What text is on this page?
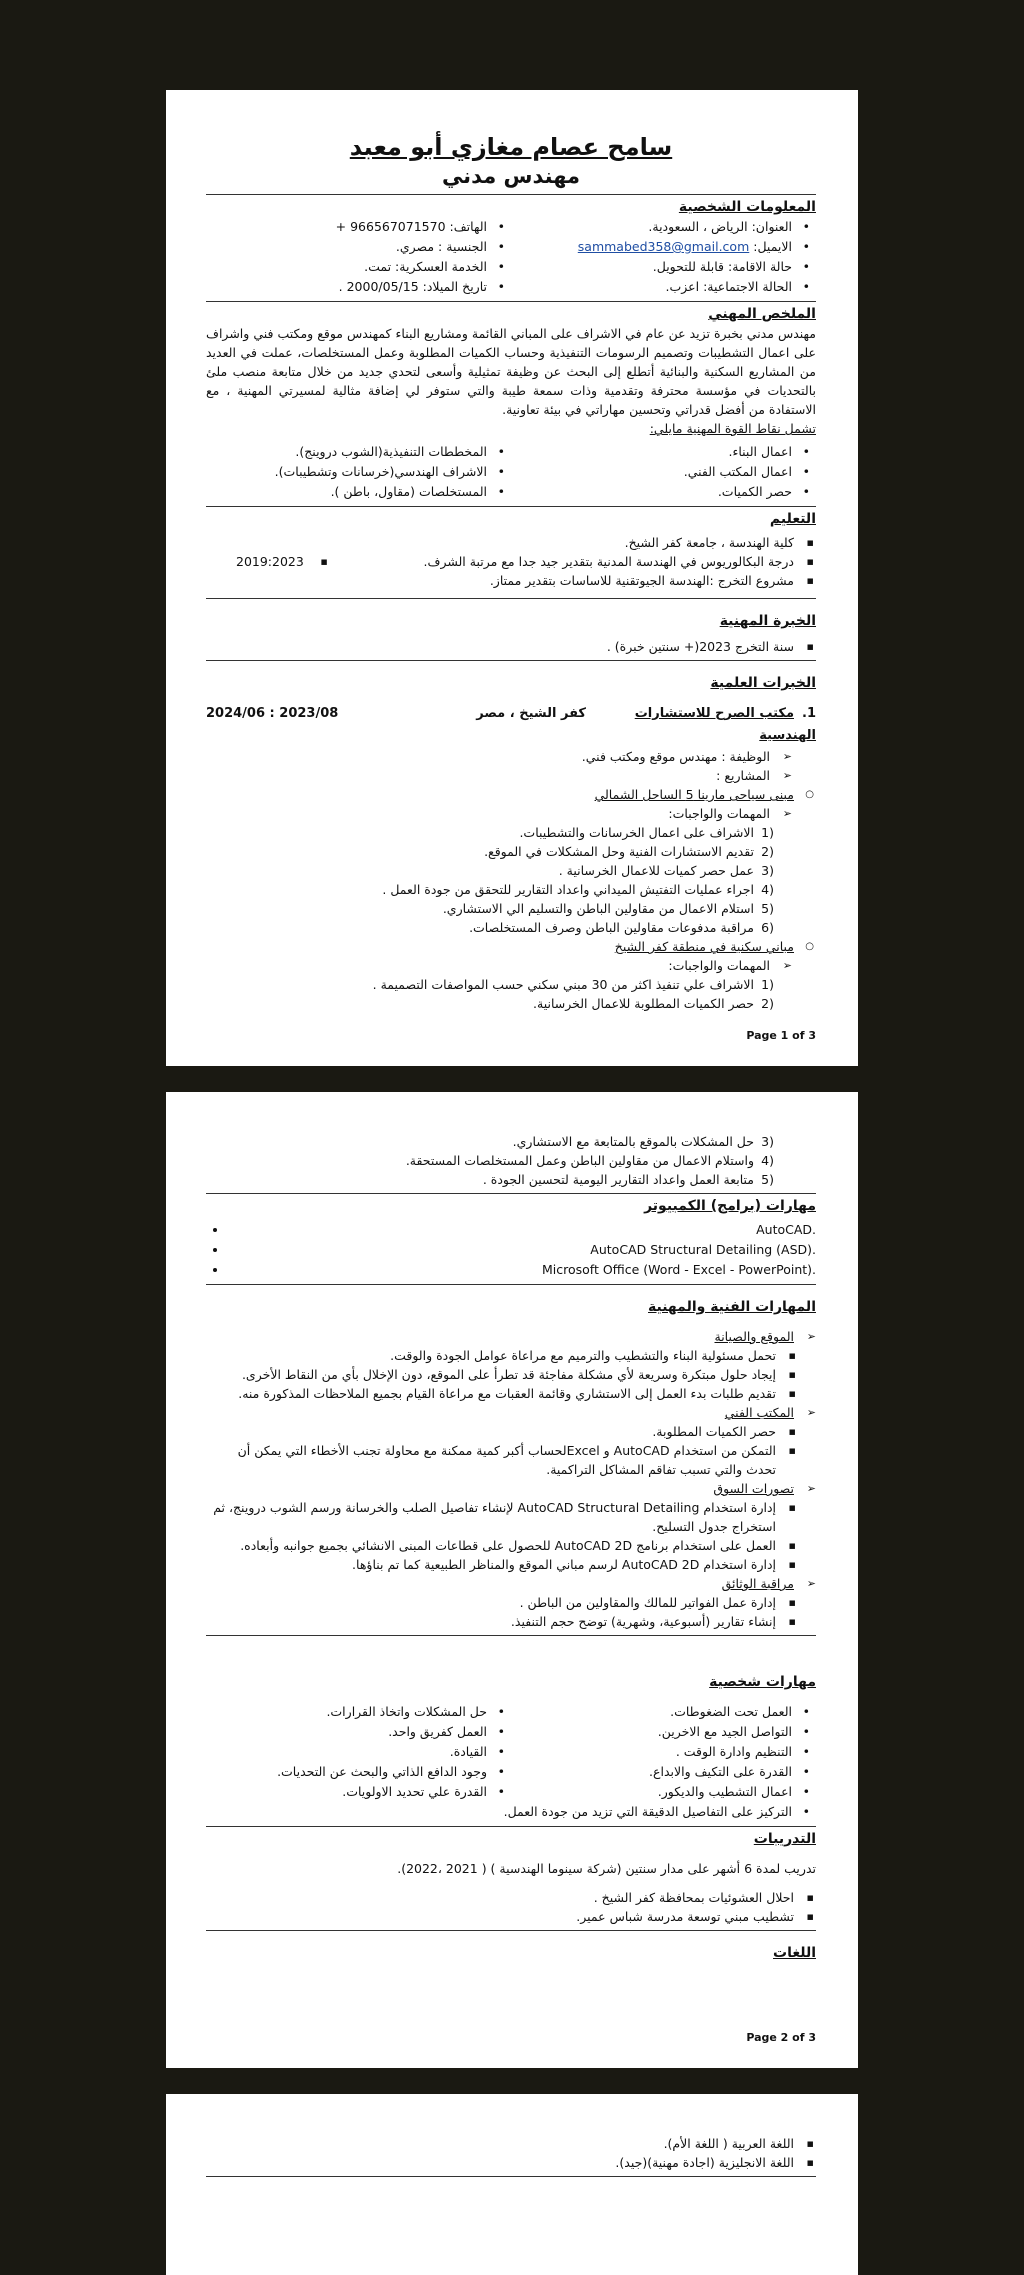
سامح عصام مغازي أبو معبد
مهندس مدني
المعلومات الشخصية
• العنوان: الرياض ، السعودية.
• الهاتف: 966567071570 +
• الايميل: sammabed358@gmail.com
• الجنسية : مصري.
• حالة الاقامة: قابلة للتحويل.
• الخدمة العسكرية: تمت.
• الحالة الاجتماعية: اعزب.
• تاريخ الميلاد: 2000/05/15 .
الملخص المهني
مهندس مدني بخبرة تزيد عن عام في الاشراف على المباني القائمة ومشاريع البناء كمهندس موقع ومكتب فني واشراف على اعمال التشطيبات وتصميم الرسومات التنفيذية وحساب الكميات المطلوبة وعمل المستخلصات، عملت في العديد من المشاريع السكنية والبنائية أتطلع إلى البحث عن وظيفة تمثيلية وأسعى لتحدي جديد من خلال متابعة منصب ملئ بالتحديات في مؤسسة محترفة وتقدمية وذات سمعة طيبة والتي ستوفر لي إضافة مثالية لمسيرتي المهنية ، مع الاستفادة من أفضل قدراتي وتحسين مهاراتي في بيئة تعاونية.
تشمل نقاط القوة المهنية مايلي:
• اعمال البناء.
• المخططات التنفيذية(الشوب دروينج).
• اعمال المكتب الفني.
• الاشراف الهندسي(خرسانات وتشطيبات).
• حصر الكميات.
• المستخلصات (مقاول، باطن ).
التعليم
▪ كلية الهندسة ، جامعة كفر الشيخ.
▪ درجة البكالوريوس في الهندسة المدنية بتقدير جيد جدا مع مرتبة الشرف.
2019:2023 ▪
▪ مشروع التخرج :الهندسة الجيوتقنية للاساسات بتقدير ممتاز.
الخبرة المهنية
▪ سنة التخرج 2023(+ سنتين خبرة) .
الخبرات العلمية
1.مكتب الصرح للاستشارات الهندسية
كفر الشيخ ، مصر
2024/06 : 2023/08
➢ الوظيفة : مهندس موقع ومكتب فني.
➢ المشاريع :
○ مبنى سياحى مارينا 5 الساحل الشمالي
➢ المهمات والواجبات:
(1
الاشراف على اعمال الخرسانات والتشطيبات.
(2
تقديم الاستشارات الفنية وحل المشكلات في الموقع.
(3
عمل حصر كميات للاعمال الخرسانية .
(4
اجراء عمليات التفتيش الميداني واعداد التقارير للتحقق من جودة العمل .
(5
استلام الاعمال من مقاولين الباطن والتسليم الي الاستشاري.
(6
مراقبة مدفوعات مقاولين الباطن وصرف المستخلصات.
○ مباني سكنية في منطقة كفر الشيخ
➢ المهمات والواجبات:
(1
الاشراف علي تنفيذ اكثر من 30 مبني سكني حسب المواصفات التصميمة .
(2
حصر الكميات المطلوبة للاعمال الخرسانية.
Page 1 of 3
(3
حل المشكلات بالموقع بالمتابعة مع الاستشاري.
(4
واستلام الاعمال من مقاولين الباطن وعمل المستخلصات المستحقة.
(5
متابعة العمل واعداد التقارير اليومية لتحسين الجودة .
مهارات (برامج) الكمبيوتر
• AutoCAD.
• AutoCAD Structural Detailing (ASD).
• Microsoft Office (Word - Excel - PowerPoint).
المهارات الفنية والمهنية
➢ الموقع والصيانة
▪ تحمل مسئولية البناء والتشطيب والترميم مع مراعاة عوامل الجودة والوقت.
▪ إيجاد حلول مبتكرة وسريعة لأي مشكلة مفاجئة قد تطرأ على الموقع، دون الإخلال بأي من النقاط الأخرى.
▪ تقديم طلبات بدء العمل إلى الاستشاري وقائمة العقبات مع مراعاة القيام بجميع الملاحظات المذكورة منه.
➢ المكتب الفني
▪ حصر الكميات المطلوبة.
▪ التمكن من استخدام AutoCAD و Excelلحساب أكبر كمية ممكنة مع محاولة تجنب الأخطاء التي يمكن أن تحدث والتي تسبب تفاقم المشاكل التراكمية.
➢ تصورات السوق
▪ إدارة استخدام AutoCAD Structural Detailing لإنشاء تفاصيل الصلب والخرسانة ورسم الشوب دروينج، ثم استخراج جدول التسليح.
▪ العمل على استخدام برنامج AutoCAD 2D للحصول على قطاعات المبنى الانشائي بجميع جوانبه وأبعاده.
▪ إدارة استخدام AutoCAD 2D لرسم مباني الموقع والمناظر الطبيعية كما تم بناؤها.
➢ مراقبة الوثائق
▪ إدارة عمل الفواتير للمالك والمقاولين من الباطن .
▪ إنشاء تقارير (أسبوعية، وشهرية) توضح حجم التنفيذ.
مهارات شخصية
• العمل تحت الضغوطات.
• حل المشكلات واتخاذ القرارات.
• التواصل الجيد مع الاخرين.
• العمل كفريق واحد.
• التنظيم وادارة الوقت .
• القيادة.
• القدرة على التكيف والابداع.
• وجود الدافع الذاتي والبحث عن التحديات.
• اعمال التشطيب والديكور.
• القدرة علي تحديد الاولويات.
• التركيز على التفاصيل الدقيقة التي تزيد من جودة العمل.
التدريبات
تدريب لمدة 6 أشهر على مدار سنتين (شركة سينوما الهندسية ) ( 2021 ،2022).
▪ احلال العشوئيات بمحافظة كفر الشيخ .
▪ تشطيب مبني توسعة مدرسة شباس عمير.
اللغات
Page 2 of 3
▪ اللغة العربية ( اللغة الأم).
▪ اللغة الانجليزية (اجادة مهنية)(جيد).
